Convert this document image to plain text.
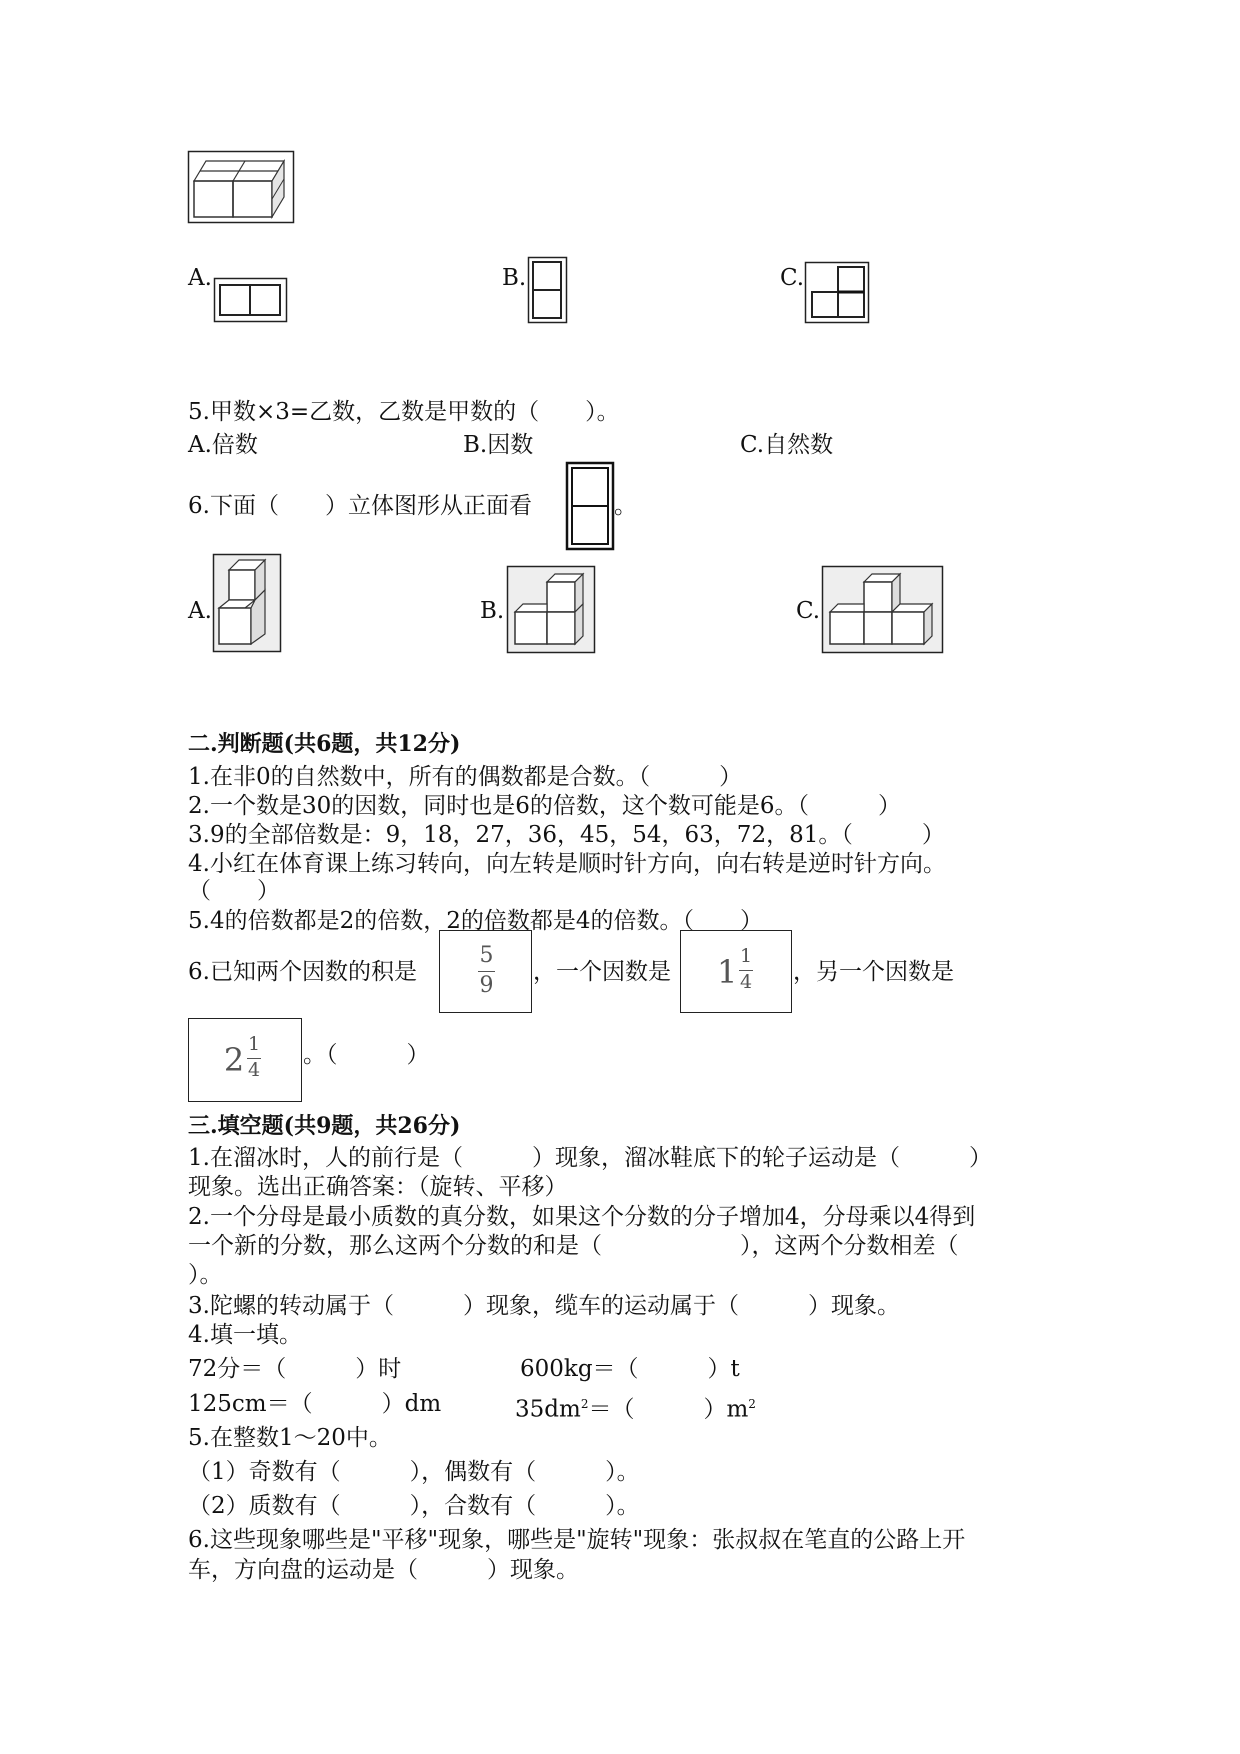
A.	B.	C.
5.甲数×3=乙数，乙数是甲数的（　　）。
A.倍数	B.因数	C.自然数
6.下面（　　）立体图形从正面看	。
A.	B.	C.
二.判断题(共6题，共12分)
1.在非0的自然数中，所有的偶数都是合数。（　　　）
2.一个数是30的因数，同时也是6的倍数，这个数可能是6。（　　　）
3.9的全部倍数是：9，18，27，36，45，54，63，72，81。（　　　）
4.小红在体育课上练习转向，向左转是顺时针方向，向右转是逆时针方向。
（　　）
5.4的倍数都是2的倍数，2的倍数都是4的倍数。（　　）
6.已知两个因数的积是
5
9
，一个因数是 1 1
4 ，另一个因数是
2 1
4
。（　　　）
三.填空题(共9题，共26分)
1.在溜冰时，人的前行是（　　　）现象，溜冰鞋底下的轮子运动是（　　　）
现象。选出正确答案：（旋转、平移）
2.一个分母是最小质数的真分数，如果这个分数的分子增加4，分母乘以4得到
一个新的分数，那么这两个分数的和是（　　　　　　），这两个分数相差（
）。
3.陀螺的转动属于（　　　）现象，缆车的运动属于（　　　）现象。
4.填一填。
72分＝（　　　）时	600kg＝（　　　）t
125cm＝（　　　）dm	$35dm^2=$（　　　）$m^2$
5.在整数1～20中。
（1）奇数有（　　　），偶数有（　　　）。
（2）质数有（　　　），合数有（　　　）。
6.这些现象哪些是"平移"现象，哪些是"旋转"现象：张叔叔在笔直的公路上开
车，方向盘的运动是（　　　）现象。
